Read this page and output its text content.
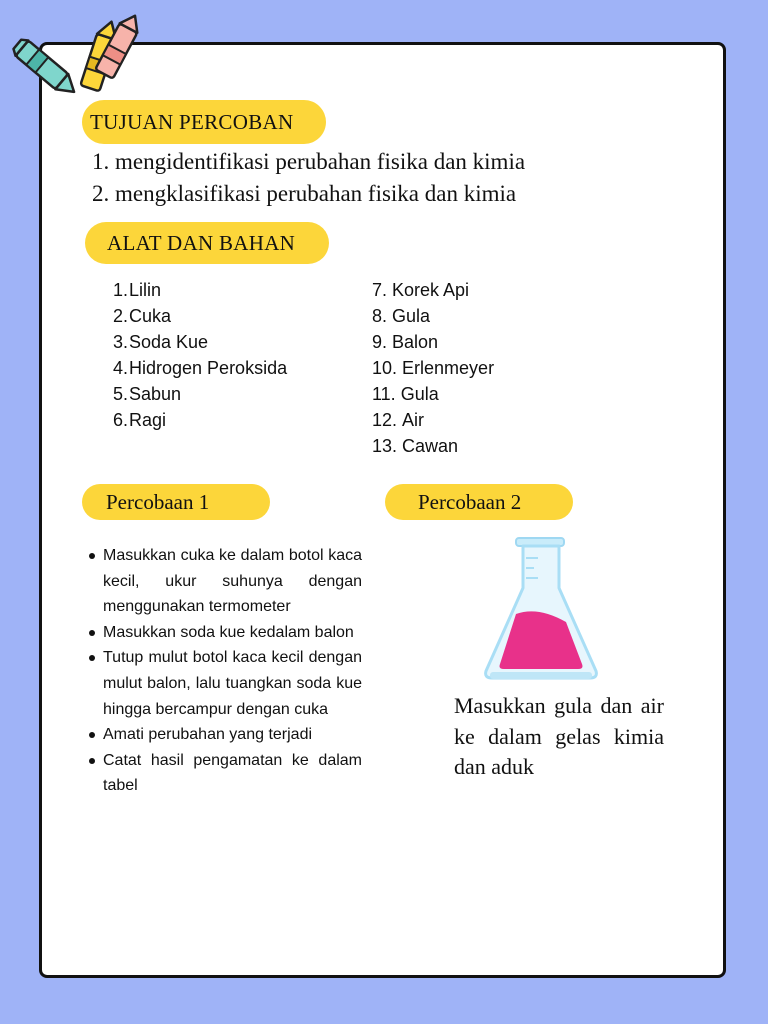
TUJUAN PERCOBAN
1. mengidentifikasi perubahan fisika dan kimia
2. mengklasifikasi perubahan fisika dan kimia
ALAT DAN BAHAN
1. Lilin
2. Cuka
3. Soda Kue
4. Hidrogen Peroksida
5. Sabun
6. Ragi
7. Korek Api
8. Gula
9. Balon
10. Erlenmeyer
11. Gula
12. Air
13. Cawan
Percobaan 1	Percobaan 2
Masukkan cuka ke dalam botol kaca kecil, ukur suhunya dengan menggunakan termometer
Masukkan soda kue kedalam balon
Tutup mulut botol kaca kecil dengan mulut balon, lalu tuangkan soda kue hingga bercampur dengan cuka
Amati perubahan yang terjadi
Catat hasil pengamatan ke dalam tabel
Masukkan gula dan air ke dalam gelas kimia dan aduk
